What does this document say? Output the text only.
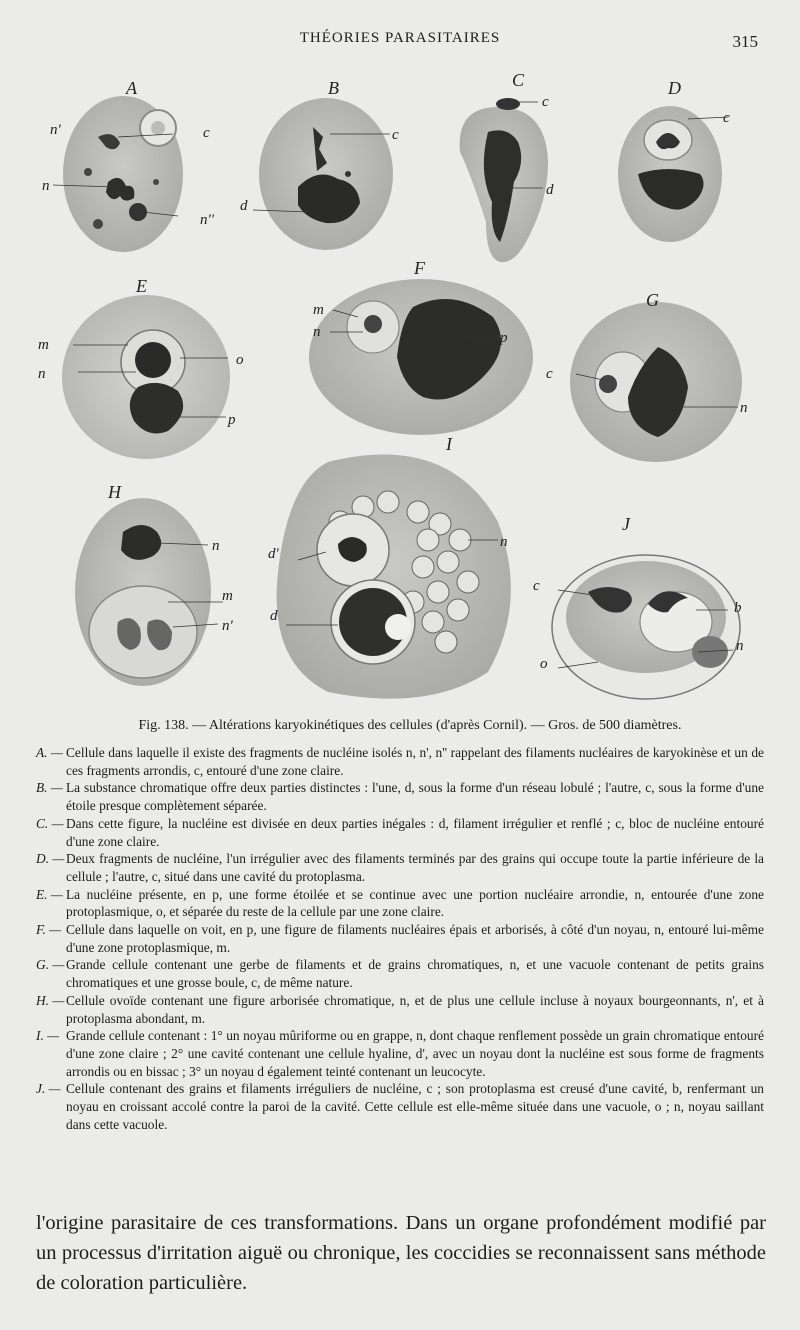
THÉORIES PARASITAIRES	315
A
n'	c
n
n''
B
c
d
C
c
d
D
c
E
m
n
o
p
F
m
n	p
G
c
n
H
n
m
n'
I
n
d'
d
J
c
b
n
o
Fig. 138. — Altérations karyokinétiques des cellules (d'après Cornil). — Gros. de 500 diamètres.

A. — Cellule dans laquelle il existe des fragments de nucléine isolés n, n', n'' rappelant des filaments nucléaires de karyokinèse et un de ces fragments arrondis, c, entouré d'une zone claire.

B. — La substance chromatique offre deux parties distinctes : l'une, d, sous la forme d'un réseau lobulé ; l'autre, c, sous la forme d'une étoile presque complètement séparée.

C. — Dans cette figure, la nucléine est divisée en deux parties inégales : d, filament irrégulier et renflé ; c, bloc de nucléine entouré d'une zone claire.

D. — Deux fragments de nucléine, l'un irrégulier avec des filaments terminés par des grains qui occupe toute la partie inférieure de la cellule ; l'autre, c, situé dans une cavité du protoplasma.

E. — La nucléine présente, en p, une forme étoilée et se continue avec une portion nucléaire arrondie, n, entourée d'une zone protoplasmique, o, et séparée du reste de la cellule par une zone claire.

F. — Cellule dans laquelle on voit, en p, une figure de filaments nucléaires épais et arborisés, à côté d'un noyau, n, entouré lui-même d'une zone protoplasmique, m.

G. — Grande cellule contenant une gerbe de filaments et de grains chromatiques, n, et une vacuole contenant de petits grains chromatiques et une grosse boule, c, de même nature.

H. — Cellule ovoïde contenant une figure arborisée chromatique, n, et de plus une cellule incluse à noyaux bourgeonnants, n', et à protoplasma abondant, m.

I. — Grande cellule contenant : 1° un noyau mûriforme ou en grappe, n, dont chaque renflement possède un grain chromatique entouré d'une zone claire ; 2° une cavité contenant une cellule hyaline, d', avec un noyau dont la nucléine est sous forme de fragments arrondis ou en bissac ; 3° un noyau d également teinté contenant un leucocyte.

J. — Cellule contenant des grains et filaments irréguliers de nucléine, c ; son protoplasma est creusé d'une cavité, b, renfermant un noyau en croissant accolé contre la paroi de la cavité. Cette cellule est elle-même située dans une vacuole, o ; n, noyau saillant dans cette vacuole.

l'origine parasitaire de ces transformations. Dans un organe profondément modifié par un processus d'irritation aiguë ou chronique, les coccidies se reconnaissent sans méthode de coloration particulière.
